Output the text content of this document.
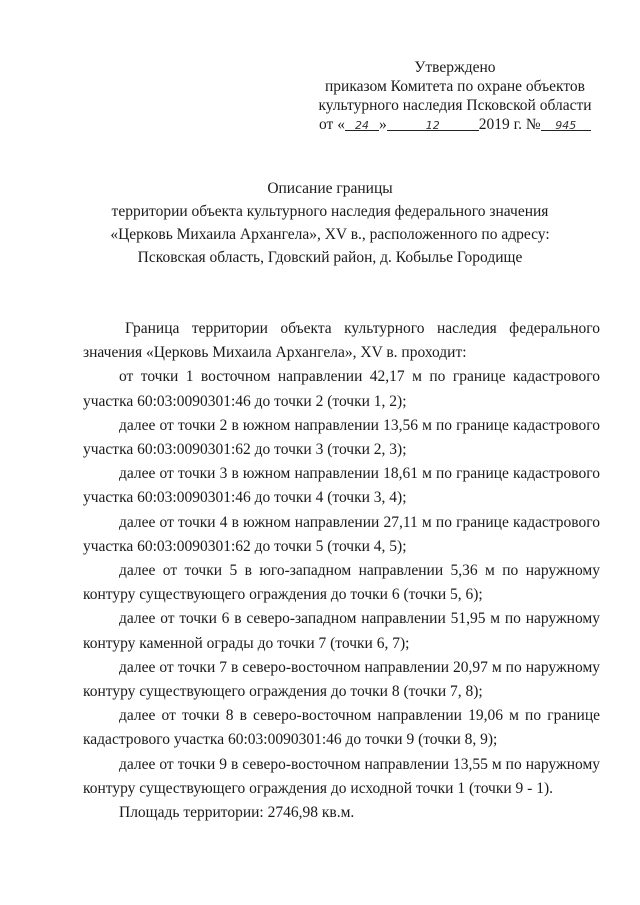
Утверждено
приказом Комитета по охране объектов
культурного наследия Псковской области
от « 24 »	12	2019 г. № 945
Описание границы
территории объекта культурного наследия федерального значения
«Церковь Михаила Архангела», XV в., расположенного по адресу:
Псковская область, Гдовский район, д. Кобылье Городище

Граница территории объекта культурного наследия федерального значения «Церковь Михаила Архангела», XV в. проходит:

от точки 1 восточном направлении 42,17 м по границе кадастрового участка 60:03:0090301:46 до точки 2 (точки 1, 2);

далее от точки 2 в южном направлении 13,56 м по границе кадастрового участка 60:03:0090301:62 до точки 3 (точки 2, 3);

далее от точки 3 в южном направлении 18,61 м по границе кадастрового участка 60:03:0090301:46 до точки 4 (точки 3, 4);

далее от точки 4 в южном направлении 27,11 м по границе кадастрового участка 60:03:0090301:62 до точки 5 (точки 4, 5);

далее от точки 5 в юго-западном направлении 5,36 м по наружному контуру существующего ограждения до точки 6 (точки 5, 6);

далее от точки 6 в северо-западном направлении 51,95 м по наружному контуру каменной ограды до точки 7 (точки 6, 7);

далее от точки 7 в северо-восточном направлении 20,97 м по наружному контуру существующего ограждения до точки 8 (точки 7, 8);

далее от точки 8 в северо-восточном направлении 19,06 м по границе кадастрового участка 60:03:0090301:46 до точки 9 (точки 8, 9);

далее от точки 9 в северо-восточном направлении 13,55 м по наружному контуру существующего ограждения до исходной точки 1 (точки 9 - 1).

Площадь территории: 2746,98 кв.м.
